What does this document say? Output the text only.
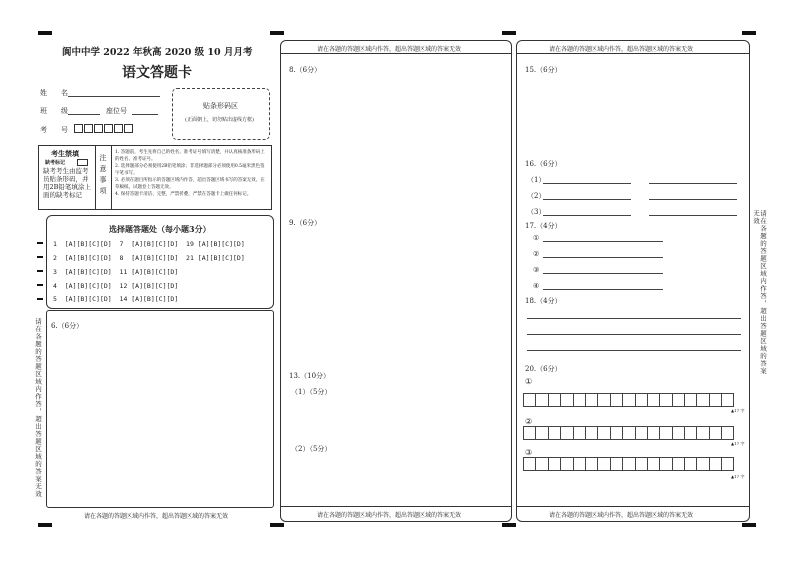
阆中中学 2022 年秋高 2020 级 10 月月考
语文答题卡
姓　　名
班　　级	座位号
考　　号
贴条形码区
(正面朝上，切勿贴出虚线方框)
考生禁填
缺考标记
缺考考生由监考员贴条形码，并用2B铅笔填涂上面的缺考标记	注意事项
1. 答题前，考生先将自己的姓名、准考证号填写清楚，并认真核准条形码上的姓名、准考证号。
2. 选择题部分必须使用2B铅笔填涂；非选择题部分必须使用0.5毫米黑色签字笔书写。
3. 必须在题目所指示的答题区域内作答，超出答题区域书写的答案无效，在草稿纸、试题卷上答题无效。
4. 保持答题卡清洁、完整，严禁折叠，严禁在答题卡上做任何标记。
选择题答题处（每小题3分）
1  [A][B][C][D]  7  [A][B][C][D]  19 [A][B][C][D]
2  [A][B][C][D]  8  [A][B][C][D]  21 [A][B][C][D]
3  [A][B][C][D]  11 [A][B][C][D]
4  [A][B][C][D]  12 [A][B][C][D]
5  [A][B][C][D]  14 [A][B][C][D]
6.（6分）
请在各题的答题区域内作答，超出答题区域的答案无效
请在各题的答题区域内作答，超出答题区域的答案无效
请在各题的答题区域内作答，超出答题区域的答案无效
8.（6分）
9.（6分）
13.（10分）
（1）（5分）
（2）（5分）
请在各题的答题区域内作答，超出答题区域的答案无效
请在各题的答题区域内作答，超出答题区域的答案无效
15.（6分）
16.（6分）
（1）
（2）
（3）
17.（4分）
①
②
③
④
18.（4分）
20.（6分）
①
▲17 字
②
▲17 字
③
▲17 字
请在各题的答题区域内作答，超出答题区域的答案无效
请在各题的答题区域内作答，超出答题区域的答案无效
